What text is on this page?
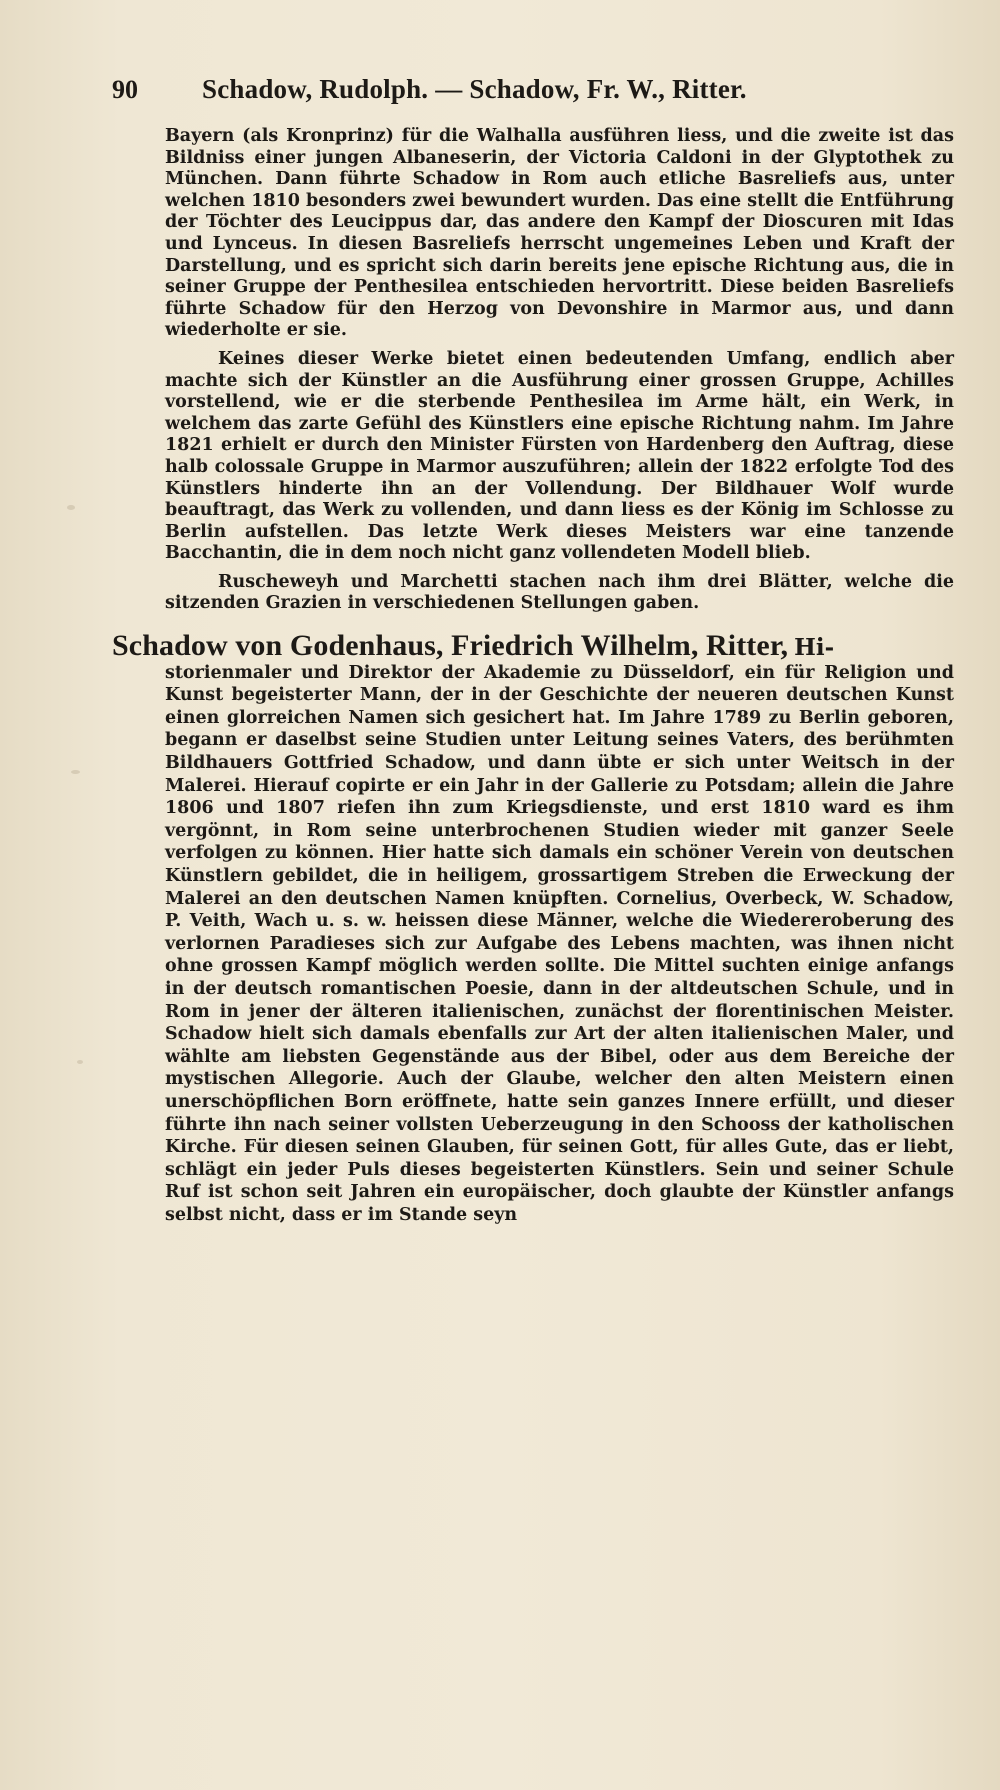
90	Schadow, Rudolph. — Schadow, Fr. W., Ritter.

Bayern (als Kronprinz) für die Walhalla ausführen liess, und die zweite ist das Bildniss einer jungen Albaneserin, der Victoria Caldoni in der Glyptothek zu München. Dann führte Schadow in Rom auch etliche Basreliefs aus, unter welchen 1810 besonders zwei bewundert wurden. Das eine stellt die Entführung der Töchter des Leucippus dar, das andere den Kampf der Dioscuren mit Idas und Lynceus. In diesen Basreliefs herrscht ungemeines Leben und Kraft der Darstellung, und es spricht sich darin bereits jene epische Richtung aus, die in seiner Gruppe der Penthesilea entschieden hervortritt. Diese beiden Basreliefs führte Schadow für den Herzog von Devonshire in Marmor aus, und dann wiederholte er sie.

Keines dieser Werke bietet einen bedeutenden Umfang, endlich aber machte sich der Künstler an die Ausführung einer grossen Gruppe, Achilles vorstellend, wie er die sterbende Penthesilea im Arme hält, ein Werk, in welchem das zarte Gefühl des Künstlers eine epische Richtung nahm. Im Jahre 1821 erhielt er durch den Minister Fürsten von Hardenberg den Auftrag, diese halb colossale Gruppe in Marmor auszuführen; allein der 1822 erfolgte Tod des Künstlers hinderte ihn an der Vollendung. Der Bildhauer Wolf wurde beauftragt, das Werk zu vollenden, und dann liess es der König im Schlosse zu Berlin aufstellen. Das letzte Werk dieses Meisters war eine tanzende Bacchantin, die in dem noch nicht ganz vollendeten Modell blieb.

Ruscheweyh und Marchetti stachen nach ihm drei Blätter, welche die sitzenden Grazien in verschiedenen Stellungen gaben.

Schadow von Godenhaus, Friedrich Wilhelm, Ritter, Hi-
storienmaler und Direktor der Akademie zu Düsseldorf, ein für Religion und Kunst begeisterter Mann, der in der Geschichte der neueren deutschen Kunst einen glorreichen Namen sich gesichert hat. Im Jahre 1789 zu Berlin geboren, begann er daselbst seine Studien unter Leitung seines Vaters, des berühmten Bildhauers Gottfried Schadow, und dann übte er sich unter Weitsch in der Malerei. Hierauf copirte er ein Jahr in der Gallerie zu Potsdam; allein die Jahre 1806 und 1807 riefen ihn zum Kriegsdienste, und erst 1810 ward es ihm vergönnt, in Rom seine unterbrochenen Studien wieder mit ganzer Seele verfolgen zu können. Hier hatte sich damals ein schöner Verein von deutschen Künstlern gebildet, die in heiligem, grossartigem Streben die Erweckung der Malerei an den deutschen Namen knüpften. Cornelius, Overbeck, W. Schadow, P. Veith, Wach u. s. w. heissen diese Männer, welche die Wiedereroberung des verlornen Paradieses sich zur Aufgabe des Lebens machten, was ihnen nicht ohne grossen Kampf möglich werden sollte. Die Mittel suchten einige anfangs in der deutsch romantischen Poesie, dann in der altdeutschen Schule, und in Rom in jener der älteren italienischen, zunächst der florentinischen Meister. Schadow hielt sich damals ebenfalls zur Art der alten italienischen Maler, und wählte am liebsten Gegenstände aus der Bibel, oder aus dem Bereiche der mystischen Allegorie. Auch der Glaube, welcher den alten Meistern einen unerschöpflichen Born eröffnete, hatte sein ganzes Innere erfüllt, und dieser führte ihn nach seiner vollsten Ueberzeugung in den Schooss der katholischen Kirche. Für diesen seinen Glauben, für seinen Gott, für alles Gute, das er liebt, schlägt ein jeder Puls dieses begeisterten Künstlers. Sein und seiner Schule Ruf ist schon seit Jahren ein europäischer, doch glaubte der Künstler anfangs selbst nicht, dass er im Stande seyn
